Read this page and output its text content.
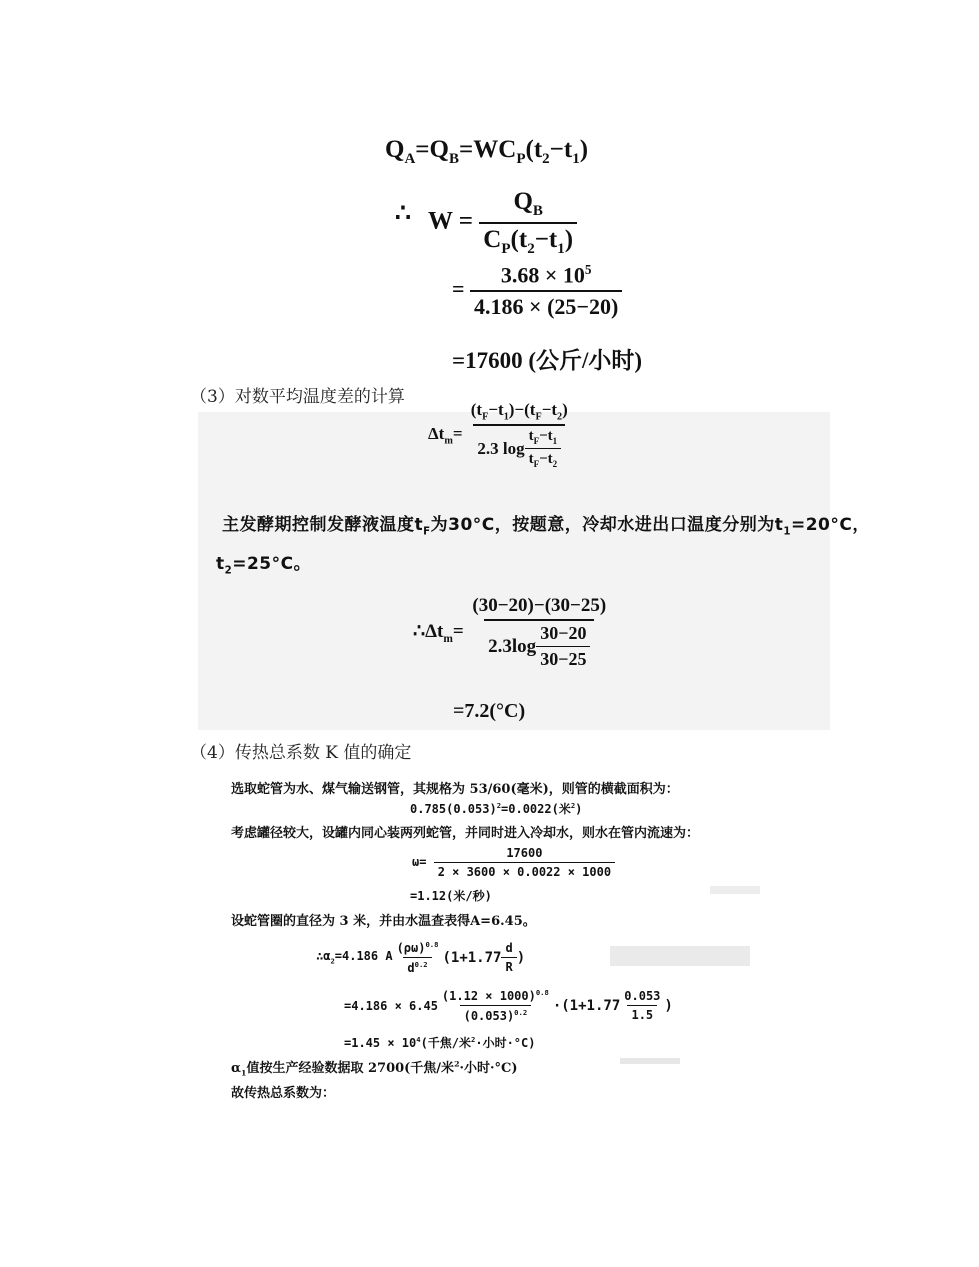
$Q_A=Q_B=WC_P(t_2-t_1)$
∴ $W = \frac{Q_B}{C_P(t_2-t_1)}$
= $\frac{3.68 \times 10^5}{4.186 \times (25-20)}$
=17600 (公斤/小时)
（3）对数平均温度差的计算
$\Delta t_m= \frac{(t_F-t_1)-(t_F-t_2)}{2.3 \log \frac{t_F-t_1}{t_F-t_2}}$
主发酵期控制发酵液温度$t_F$为30°C，按题意，冷却水进出口温度分别为$t_1=20^\circ C$，
$t_2=25^\circ C$。
$\therefore\Delta t_m= \frac{(30-20)-(30-25)}{2.3\log \frac{30-20}{30-25}}$
=7.2(°C)
（4）传热总系数 K 值的确定
选取蛇管为水、煤气输送钢管，其规格为 53/60(毫米)，则管的横截面积为：
$0.785(0.053)^2=0.0022$(米$^2$)
考虑罐径较大，设罐内同心装两列蛇管，并同时进入冷却水，则水在管内流速为：
$\omega= \frac{17600}{2 \times 3600 \times 0.0022 \times 1000}$
=1.12(米/秒)
设蛇管圈的直径为 3 米，并由水温查表得A=6.45。
$\therefore\alpha_2=4.186$ A $\frac{(\rho\omega)^{0.8}}{d^{0.2}} (1+1.77 \frac{d}{R}$ )
$=4.186 \times 6.45 \frac{(1.12 \times 1000)^{0.8}}{(0.053)^{0.2}} \cdot(1+1.77 \frac{0.053}{1.5}$ )
$=1.45 \times 10^4$(千焦/米$^2$·小时·°C)
$\alpha_1$值按生产经验数据取 2700(千焦/米$^2$·小时·°C)
故传热总系数为：
